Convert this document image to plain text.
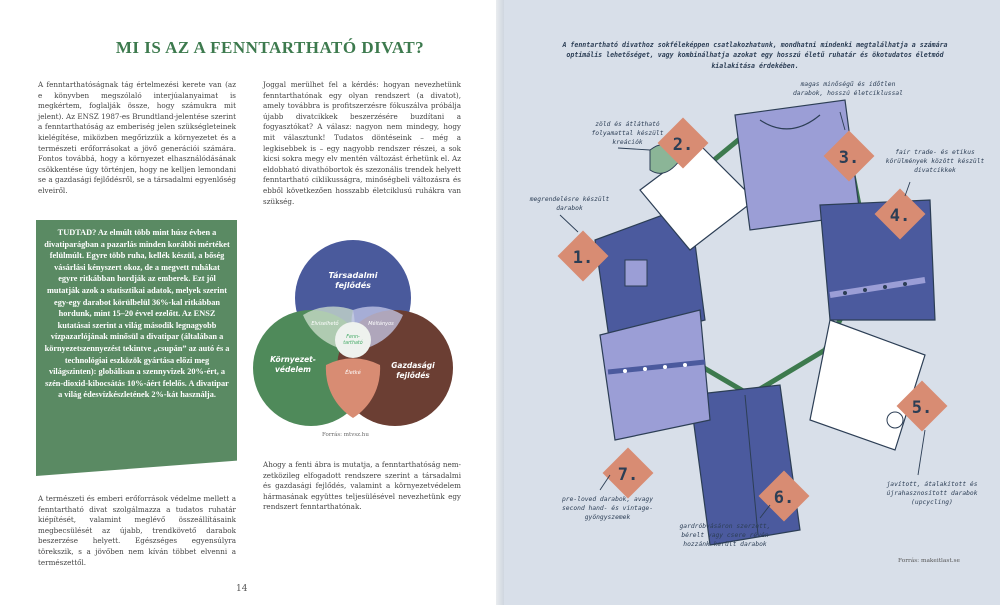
MI IS AZ A FENNTARTHATÓ DIVAT?

A fenntarthatóságnak tág értelmezési kerete van (az e könyvben megszólaló interjúalanyaimat is megkértem, foglalják össze, hogy számukra mit jelent). Az ENSZ 1987-es Brundtland-jelentése szerint a fenntarthatóság az emberiség jelen szükségleteinek kielégítése, miközben megőrizzük a környezetet és a természeti erőforrásokat a jövő generációi számára. Fontos továbbá, hogy a környezet elhasználódásának csökkentése úgy történjen, hogy ne kelljen lemondani se a gazdasági fejlődésről, se a társadalmi egyenlőség elveiről.

Joggal merülhet fel a kérdés: hogyan nevezhetünk fenntarthatónak egy olyan rendszert (a divatot), amely továbbra is profitszerzésre fókuszálva próbálja újabb divatcikkek beszerzésére buzdítani a fogyasztókat? A válasz: nagyon nem mindegy, hogy mit választunk! Tudatos döntéseink – még a legkisebbek is – egy nagyobb rendszer részei, a sok kicsi sokra megy elv mentén változást érhetünk el. Az eldobható divathóbortok és szezonális trendek helyett fenntartható ciklikusságra, minőségbeli változásra és ebből következően hosszabb életciklusú ruhákra van szükség.

TUDTAD? Az elmúlt több mint húsz évben a divatiparágban a pazarlás minden korábbi mértéket felülmúlt. Egyre több ruha, kellék készül, a bőség vásárlási kényszert okoz, de a megvett ruhákat egyre ritkábban hordják az emberek. Ezt jól mutatják azok a statisztikai adatok, melyek szerint egy-egy darabot körülbelül 36%-kal ritkábban hordunk, mint 15–20 évvel ezelőtt. Az ENSZ kutatásai szerint a világ második legnagyobb vízpazarlójának minősül a divatipar (általában a környezetszennyezést tekintve „csupán” az autó és a technológiai eszközök gyártása előzi meg világszinten): globálisan a szennyvizek 20%-ért, a szén-dioxid-kibocsátás 10%-áért felelős. A divatipar a világ édesvízkészletének 2%-kát használja.

A természeti és emberi erőforrások védelme mellett a fenntartható divat szolgálmazza a tudatos ruhatár kiépítését, valamint meglévő összeállításaink megbecsülését az újabb, trendkövető darabok beszerzése helyett. Egészséges egyensúlyra törekszik, s a jövőben nem kíván többet elvenni a természettől.

Ahogy a fenti ábra is mutatja, a fenntarthatóság nem-zetközileg elfogadott rendszere szerint a társadalmi és gazdasági fejlődés, valamint a környezetvédelem hármasának együttes teljesülésével nevezhetünk egy rendszert fenntarthatónak.

Társadalmi fejlődés
Környezet-védelem	Gazdasági fejlődés
Elviselhető	Méltányos
Életké
Fenn-tartható
Forrás: mtvsz.hu
14
A fenntartható divathoz sokféleképpen csatlakozhatunk, mondhatni mindenki megtalálhatja a számára optimális lehetőséget, vagy kombinálhatja azokat egy hosszú életű ruhatár és ökotudatos életmód kialakítása érdekében.
1.
2.
3.
4.
5.
6.
7.
megrendelésre készült darabok
zöld és átlátható folyamattal készült kreációk
magas minőségű és időtlen darabok, hosszú életciklussal
fair trade- és etikus körülmények között készült divatcikkek
javított, átalakított és újrahasznosított darabok (upcycling)
gardróbvásáron szerzett, bérelt vagy csere révén hozzánk került darabok
pre-loved darabok, avagy second hand- és vintage-gyöngyszemek
Forrás: makeitlast.se
